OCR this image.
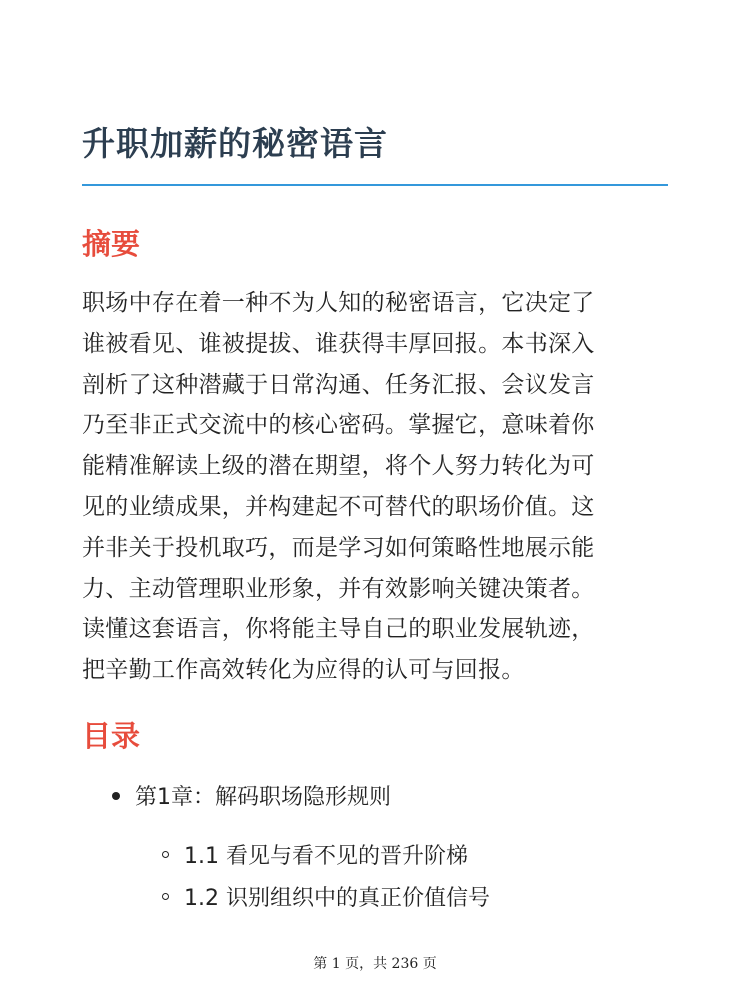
升职加薪的秘密语言
摘要

职场中存在着一种不为人知的秘密语言，它决定了
谁被看见、谁被提拔、谁获得丰厚回报。本书深入
剖析了这种潜藏于日常沟通、任务汇报、会议发言
乃至非正式交流中的核心密码。掌握它，意味着你
能精准解读上级的潜在期望，将个人努力转化为可
见的业绩成果，并构建起不可替代的职场价值。这
并非关于投机取巧，而是学习如何策略性地展示能
力、主动管理职业形象，并有效影响关键决策者。
读懂这套语言，你将能主导自己的职业发展轨迹，
把辛勤工作高效转化为应得的认可与回报。

目录
第1章：解码职场隐形规则
1.1 看见与看不见的晋升阶梯
1.2 识别组织中的真正价值信号
第 1 页，共 236 页
